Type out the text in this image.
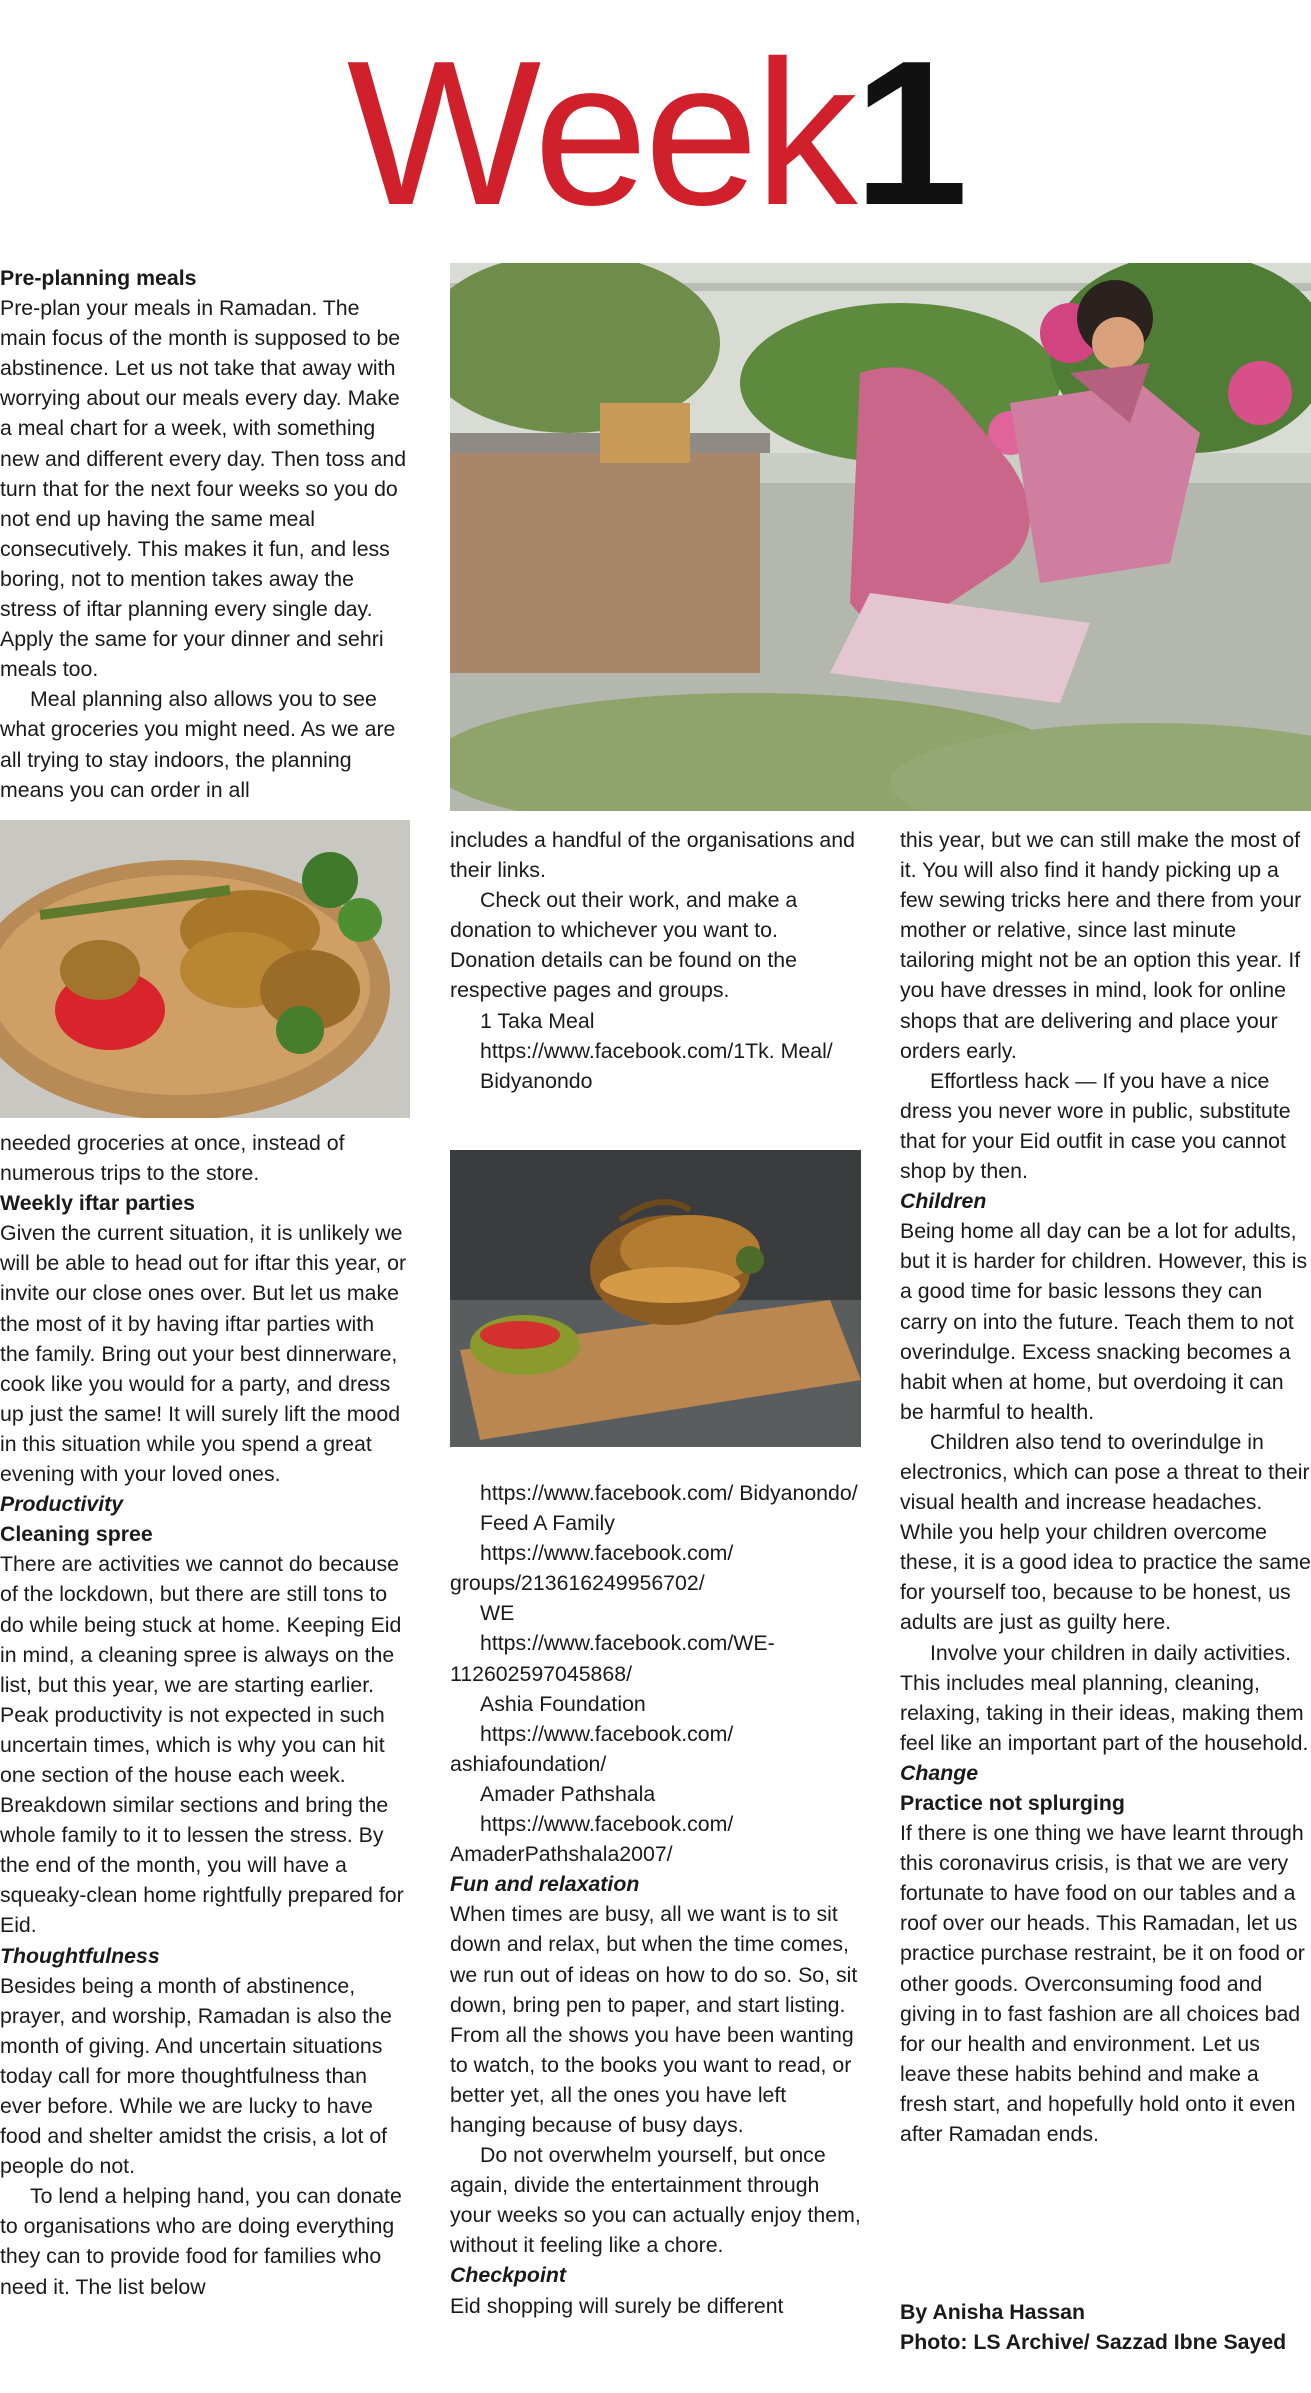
Week1

Pre-planning meals

Pre-plan your meals in Ramadan. The main focus of the month is supposed to be abstinence. Let us not take that away with worrying about our meals every day. Make a meal chart for a week, with something new and different every day. Then toss and turn that for the next four weeks so you do not end up having the same meal consecutively. This makes it fun, and less boring, not to mention takes away the stress of iftar planning every single day. Apply the same for your dinner and sehri meals too.

Meal planning also allows you to see what groceries you might need. As we are all trying to stay indoors, the planning means you can order in all

needed groceries at once, instead of numerous trips to the store.

Weekly iftar parties

Given the current situation, it is unlikely we will be able to head out for iftar this year, or invite our close ones over. But let us make the most of it by having iftar parties with the family. Bring out your best dinnerware, cook like you would for a party, and dress up just the same! It will surely lift the mood in this situation while you spend a great evening with your loved ones.

Productivity

Cleaning spree

There are activities we cannot do because of the lockdown, but there are still tons to do while being stuck at home. Keeping Eid in mind, a cleaning spree is always on the list, but this year, we are starting earlier. Peak productivity is not expected in such uncertain times, which is why you can hit one section of the house each week. Breakdown similar sections and bring the whole family to it to lessen the stress. By the end of the month, you will have a squeaky-clean home rightfully prepared for Eid.

Thoughtfulness

Besides being a month of abstinence, prayer, and worship, Ramadan is also the month of giving. And uncertain situations today call for more thoughtfulness than ever before. While we are lucky to have food and shelter amidst the crisis, a lot of people do not.

To lend a helping hand, you can donate to organisations who are doing everything they can to provide food for families who need it. The list below

includes a handful of the organisations and their links.

Check out their work, and make a donation to whichever you want to. Donation details can be found on the respective pages and groups.

1 Taka Meal

https://www.facebook.com/1Tk. Meal/

Bidyanondo

https://www.facebook.com/ Bidyanondo/

Feed A Family

https://www.facebook.com/ groups/213616249956702/

WE

https://www.facebook.com/WE-112602597045868/

Ashia Foundation

https://www.facebook.com/ ashiafoundation/

Amader Pathshala

https://www.facebook.com/ AmaderPathshala2007/

Fun and relaxation

When times are busy, all we want is to sit down and relax, but when the time comes, we run out of ideas on how to do so. So, sit down, bring pen to paper, and start listing. From all the shows you have been wanting to watch, to the books you want to read, or better yet, all the ones you have left hanging because of busy days.

Do not overwhelm yourself, but once again, divide the entertainment through your weeks so you can actually enjoy them, without it feeling like a chore.

Checkpoint

Eid shopping will surely be different

this year, but we can still make the most of it. You will also find it handy picking up a few sewing tricks here and there from your mother or relative, since last minute tailoring might not be an option this year. If you have dresses in mind, look for online shops that are delivering and place your orders early.

Effortless hack — If you have a nice dress you never wore in public, substitute that for your Eid outfit in case you cannot shop by then.

Children

Being home all day can be a lot for adults, but it is harder for children. However, this is a good time for basic lessons they can carry on into the future. Teach them to not overindulge. Excess snacking becomes a habit when at home, but overdoing it can be harmful to health.

Children also tend to overindulge in electronics, which can pose a threat to their visual health and increase headaches. While you help your children overcome these, it is a good idea to practice the same for yourself too, because to be honest, us adults are just as guilty here.

Involve your children in daily activities. This includes meal planning, cleaning, relaxing, taking in their ideas, making them feel like an important part of the household.

Change

Practice not splurging

If there is one thing we have learnt through this coronavirus crisis, is that we are very fortunate to have food on our tables and a roof over our heads. This Ramadan, let us practice purchase restraint, be it on food or other goods. Overconsuming food and giving in to fast fashion are all choices bad for our health and environment. Let us leave these habits behind and make a fresh start, and hopefully hold onto it even after Ramadan ends.

By Anisha Hassan

Photo: LS Archive/ Sazzad Ibne Sayed
